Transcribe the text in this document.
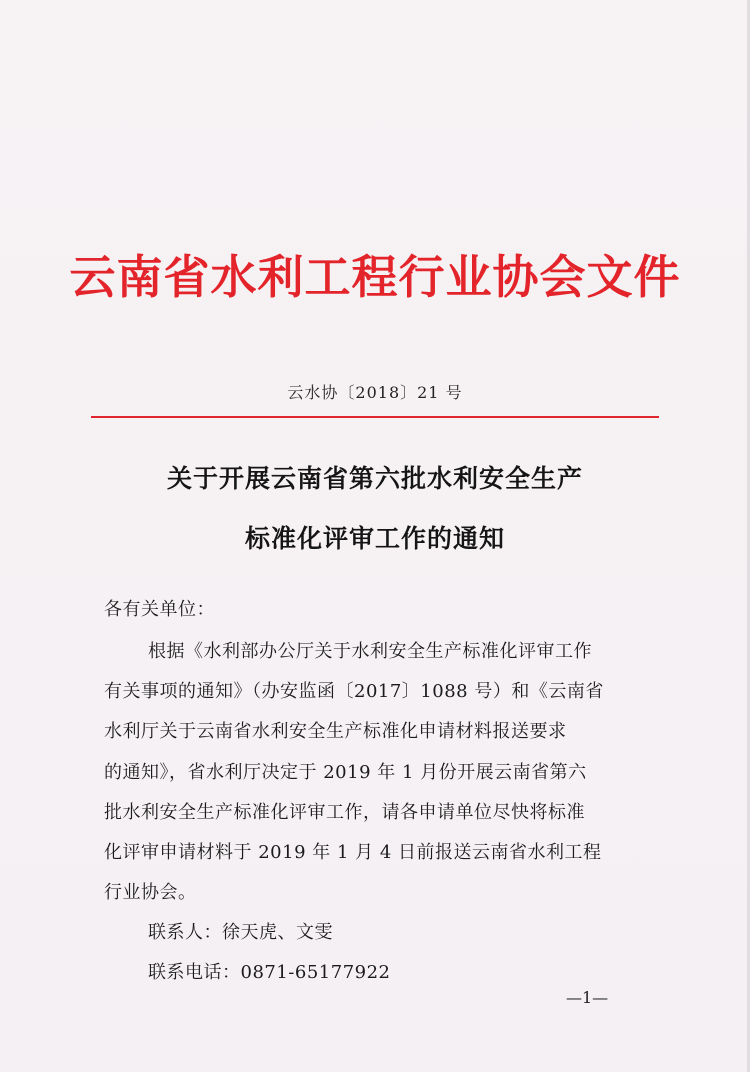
云南省水利工程行业协会文件
云水协〔2018〕21 号
关于开展云南省第六批水利安全生产
标准化评审工作的通知
各有关单位：
根据《水利部办公厅关于水利安全生产标准化评审工作
有关事项的通知》（办安监函〔2017〕1088 号）和《云南省
水利厅关于云南省水利安全生产标准化申请材料报送要求
的通知》，省水利厅决定于 2019 年 1 月份开展云南省第六
批水利安全生产标准化评审工作，请各申请单位尽快将标准
化评审申请材料于 2019 年 1 月 4 日前报送云南省水利工程
行业协会。
联系人：徐天虎、文雯
联系电话：0871-65177922
—1—
